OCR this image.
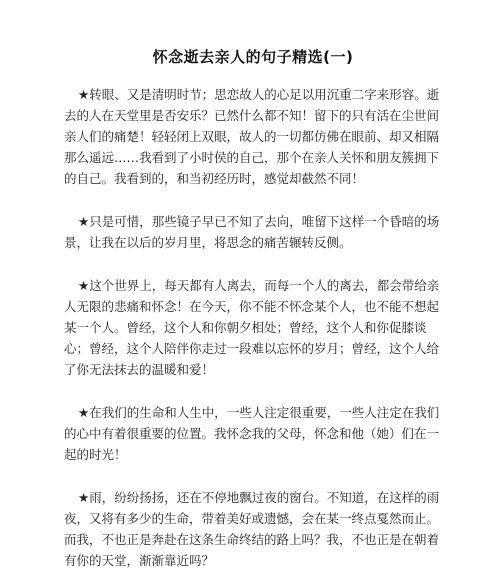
怀念逝去亲人的句子精选(一)

★转眼、又是清明时节；思恋故人的心足以用沉重二字来形容。逝去的人在天堂里是否安乐？已然什么都不知！留下的只有活在尘世间亲人们的痛楚！轻轻闭上双眼，故人的一切都仿佛在眼前、却又相隔那么遥远……我看到了小时侯的自己，那个在亲人关怀和朋友簇拥下的自己。我看到的，和当初经历时，感觉却截然不同！

★只是可惜，那些镜子早已不知了去向，唯留下这样一个昏暗的场景，让我在以后的岁月里，将思念的痛苦辗转反侧。

★这个世界上，每天都有人离去，而每一个人的离去，都会带给亲人无限的悲痛和怀念！在今天，你不能不怀念某个人，也不能不想起某一个人。曾经，这个人和你朝夕相处；曾经，这个人和你促膝谈心；曾经，这个人陪伴你走过一段难以忘怀的岁月；曾经，这个人给了你无法抹去的温暖和爱！

★在我们的生命和人生中，一些人注定很重要，一些人注定在我们的心中有着很重要的位置。我怀念我的父母，怀念和他（她）们在一起的时光！

★雨，纷纷扬扬，还在不停地飘过夜的窗台。不知道，在这样的雨夜，又将有多少的生命，带着美好或遗憾，会在某一终点戛然而止。而我，不也正是奔赴在这条生命终结的路上吗？我，不也正是在朝着有你的天堂，渐渐靠近吗？
